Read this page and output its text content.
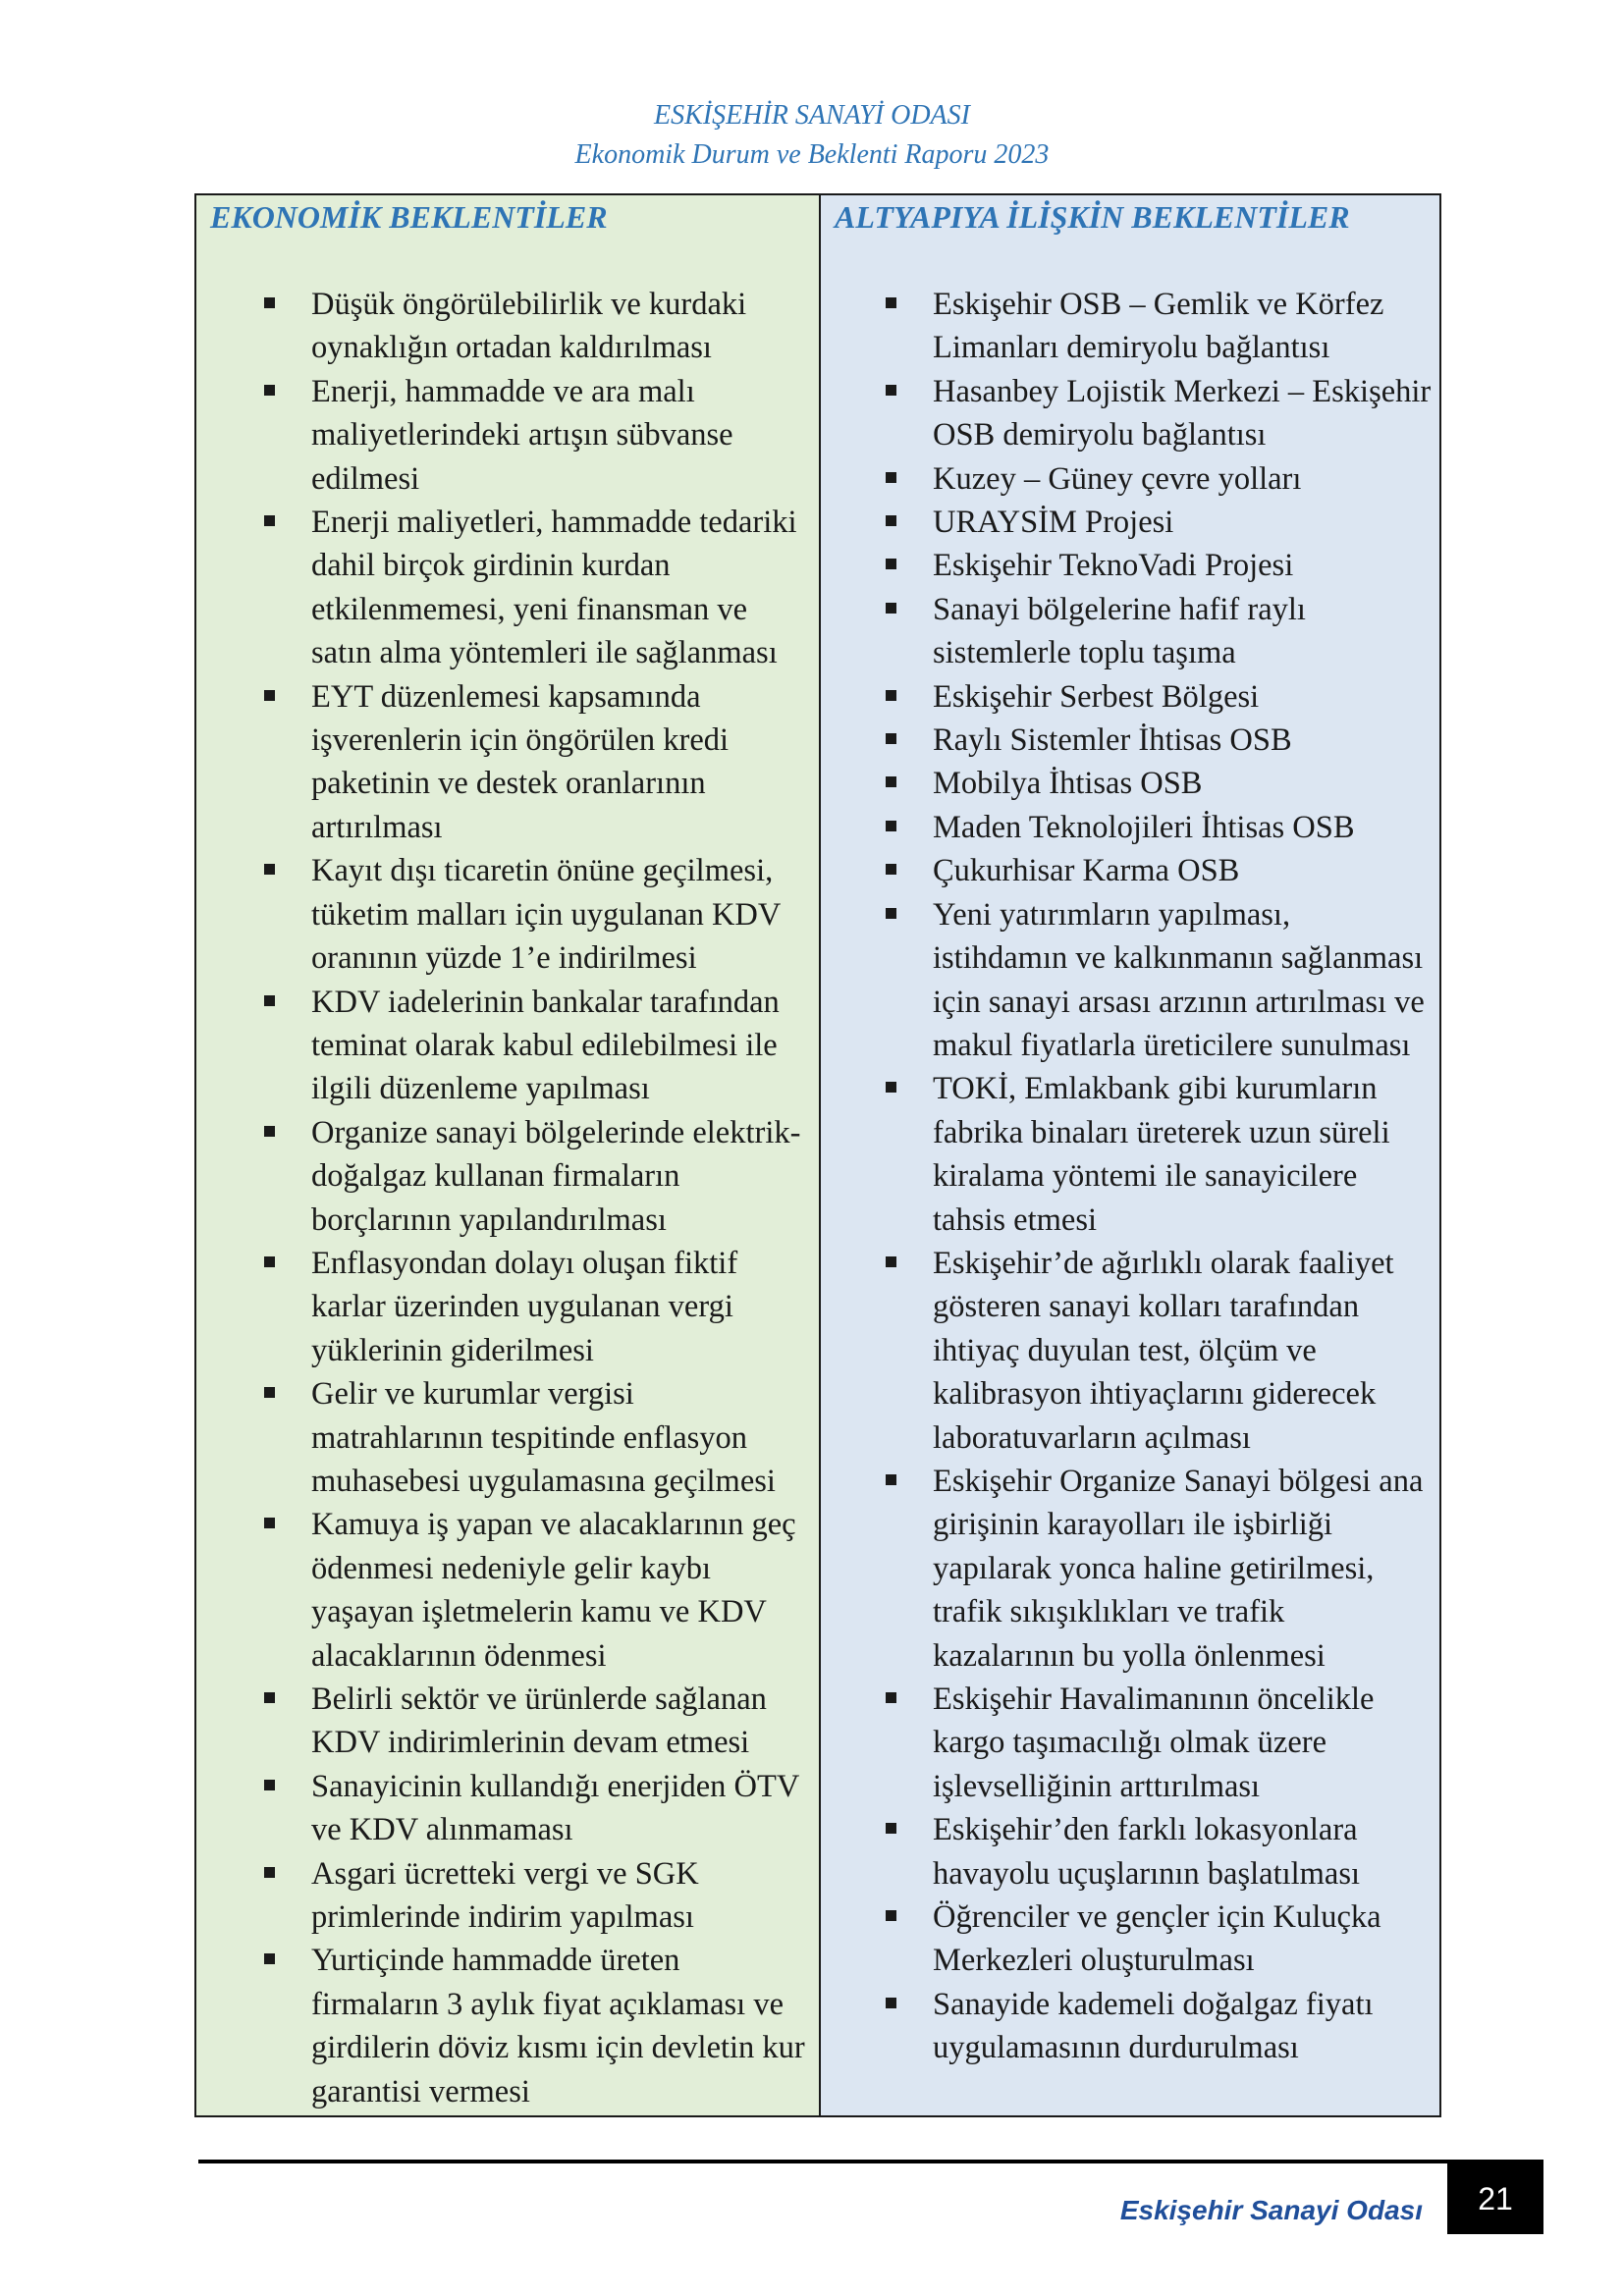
ESKİŞEHİR SANAYİ ODASI
Ekonomik Durum ve Beklenti Raporu 2023
EKONOMİK BEKLENTİLER
Düşük öngörülebilirlik ve kurdaki oynaklığın ortadan kaldırılması
Enerji, hammadde ve ara malı maliyetlerindeki artışın sübvanse edilmesi
Enerji maliyetleri, hammadde tedariki dahil birçok girdinin kurdan etkilenmemesi, yeni finansman ve satın alma yöntemleri ile sağlanması
EYT düzenlemesi kapsamında işverenlerin için öngörülen kredi paketinin ve destek oranlarının artırılması
Kayıt dışı ticaretin önüne geçilmesi, tüketim malları için uygulanan KDV oranının yüzde 1’e indirilmesi
KDV iadelerinin bankalar tarafından teminat olarak kabul edilebilmesi ile ilgili düzenleme yapılması
Organize sanayi bölgelerinde elektrik-doğalgaz kullanan firmaların borçlarının yapılandırılması
Enflasyondan dolayı oluşan fiktif karlar üzerinden uygulanan vergi yüklerinin giderilmesi
Gelir ve kurumlar vergisi matrahlarının tespitinde enflasyon muhasebesi uygulamasına geçilmesi
Kamuya iş yapan ve alacaklarının geç ödenmesi nedeniyle gelir kaybı yaşayan işletmelerin kamu ve KDV alacaklarının ödenmesi
Belirli sektör ve ürünlerde sağlanan KDV indirimlerinin devam etmesi
Sanayicinin kullandığı enerjiden ÖTV ve KDV alınmaması
Asgari ücretteki vergi ve SGK primlerinde indirim yapılması
Yurtiçinde hammadde üreten firmaların 3 aylık fiyat açıklaması ve girdilerin döviz kısmı için devletin kur garantisi vermesi
ALTYAPIYA İLİŞKİN BEKLENTİLER
Eskişehir OSB – Gemlik ve Körfez Limanları demiryolu bağlantısı
Hasanbey Lojistik Merkezi – Eskişehir OSB demiryolu bağlantısı
Kuzey – Güney çevre yolları
URAYSİM Projesi
Eskişehir TeknoVadi Projesi
Sanayi bölgelerine hafif raylı sistemlerle toplu taşıma
Eskişehir Serbest Bölgesi
Raylı Sistemler İhtisas OSB
Mobilya İhtisas OSB
Maden Teknolojileri İhtisas OSB
Çukurhisar Karma OSB
Yeni yatırımların yapılması, istihdamın ve kalkınmanın sağlanması için sanayi arsası arzının artırılması ve makul fiyatlarla üreticilere sunulması
TOKİ, Emlakbank gibi kurumların fabrika binaları üreterek uzun süreli kiralama yöntemi ile sanayicilere tahsis etmesi
Eskişehir’de ağırlıklı olarak faaliyet gösteren sanayi kolları tarafından ihtiyaç duyulan test, ölçüm ve kalibrasyon ihtiyaçlarını giderecek laboratuvarların açılması
Eskişehir Organize Sanayi bölgesi ana girişinin karayolları ile işbirliği yapılarak yonca haline getirilmesi, trafik sıkışıklıkları ve trafik kazalarının bu yolla önlenmesi
Eskişehir Havalimanının öncelikle kargo taşımacılığı olmak üzere işlevselliğinin arttırılması
Eskişehir’den farklı lokasyonlara havayolu uçuşlarının başlatılması
Öğrenciler ve gençler için Kuluçka Merkezleri oluşturulması
Sanayide kademeli doğalgaz fiyatı uygulamasının durdurulması
Eskişehir Sanayi Odası	21
